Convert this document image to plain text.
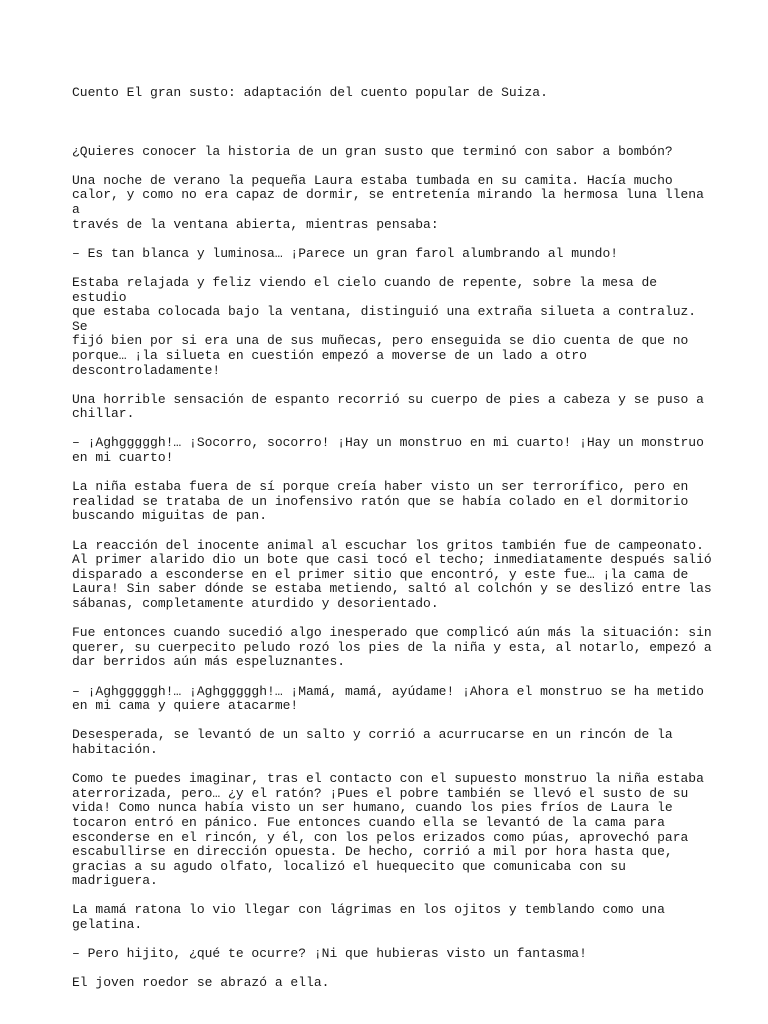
Cuento El gran susto: adaptación del cuento popular de Suiza.

¿Quieres conocer la historia de un gran susto que terminó con sabor a bombón?

Una noche de verano la pequeña Laura estaba tumbada en su camita. Hacía mucho
calor, y como no era capaz de dormir, se entretenía mirando la hermosa luna llena a
través de la ventana abierta, mientras pensaba:

– Es tan blanca y luminosa… ¡Parece un gran farol alumbrando al mundo!

Estaba relajada y feliz viendo el cielo cuando de repente, sobre la mesa de estudio
que estaba colocada bajo la ventana, distinguió una extraña silueta a contraluz. Se
fijó bien por si era una de sus muñecas, pero enseguida se dio cuenta de que no
porque… ¡la silueta en cuestión empezó a moverse de un lado a otro
descontroladamente!

Una horrible sensación de espanto recorrió su cuerpo de pies a cabeza y se puso a
chillar.

– ¡Aghgggggh!… ¡Socorro, socorro! ¡Hay un monstruo en mi cuarto! ¡Hay un monstruo
en mi cuarto!

La niña estaba fuera de sí porque creía haber visto un ser terrorífico, pero en
realidad se trataba de un inofensivo ratón que se había colado en el dormitorio
buscando miguitas de pan.

La reacción del inocente animal al escuchar los gritos también fue de campeonato.
Al primer alarido dio un bote que casi tocó el techo; inmediatamente después salió
disparado a esconderse en el primer sitio que encontró, y este fue… ¡la cama de
Laura! Sin saber dónde se estaba metiendo, saltó al colchón y se deslizó entre las
sábanas, completamente aturdido y desorientado.

Fue entonces cuando sucedió algo inesperado que complicó aún más la situación: sin
querer, su cuerpecito peludo rozó los pies de la niña y esta, al notarlo, empezó a
dar berridos aún más espeluznantes.

– ¡Aghgggggh!… ¡Aghgggggh!… ¡Mamá, mamá, ayúdame! ¡Ahora el monstruo se ha metido
en mi cama y quiere atacarme!

Desesperada, se levantó de un salto y corrió a acurrucarse en un rincón de la
habitación.

Como te puedes imaginar, tras el contacto con el supuesto monstruo la niña estaba
aterrorizada, pero… ¿y el ratón? ¡Pues el pobre también se llevó el susto de su
vida! Como nunca había visto un ser humano, cuando los pies fríos de Laura le
tocaron entró en pánico. Fue entonces cuando ella se levantó de la cama para
esconderse en el rincón, y él, con los pelos erizados como púas, aprovechó para
escabullirse en dirección opuesta. De hecho, corrió a mil por hora hasta que,
gracias a su agudo olfato, localizó el huequecito que comunicaba con su madriguera.

La mamá ratona lo vio llegar con lágrimas en los ojitos y temblando como una
gelatina.

– Pero hijito, ¿qué te ocurre? ¡Ni que hubieras visto un fantasma!

El joven roedor se abrazó a ella.
